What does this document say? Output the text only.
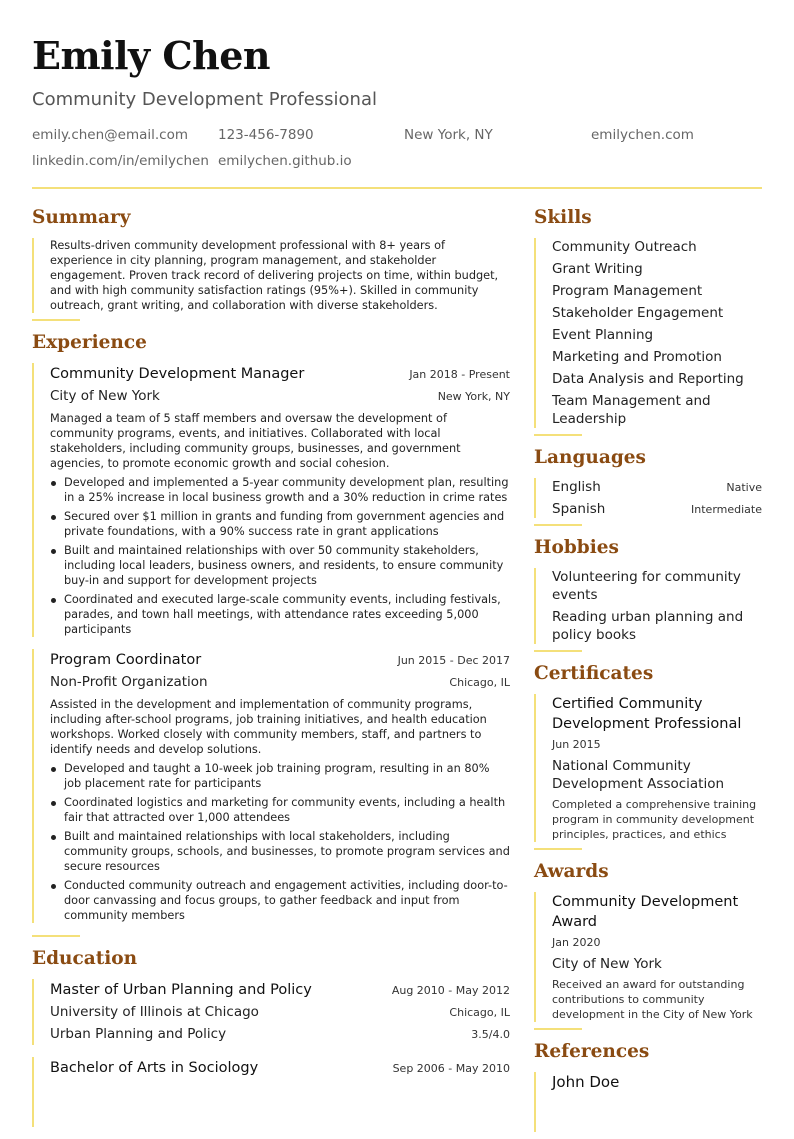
Emily Chen
Community Development Professional
emily.chen@email.com 123-456-7890	New York, NY	emilychen.com
linkedin.com/in/emilychen emilychen.github.io
Summary

Results-driven community development professional with 8+ years of experience in city planning, program management, and stakeholder engagement. Proven track record of delivering projects on time, within budget, and with high community satisfaction ratings (95%+). Skilled in community outreach, grant writing, and collaboration with diverse stakeholders.

Experience
Community Development Manager	Jan 2018 - Present
City of New York	New York, NY

Managed a team of 5 staff members and oversaw the development of community programs, events, and initiatives. Collaborated with local stakeholders, including community groups, businesses, and government agencies, to promote economic growth and social cohesion.

Developed and implemented a 5-year community development plan, resulting in a 25% increase in local business growth and a 30% reduction in crime rates
Secured over $1 million in grants and funding from government agencies and private foundations, with a 90% success rate in grant applications
Built and maintained relationships with over 50 community stakeholders, including local leaders, business owners, and residents, to ensure community buy-in and support for development projects
Coordinated and executed large-scale community events, including festivals, parades, and town hall meetings, with attendance rates exceeding 5,000 participants
Program Coordinator	Jun 2015 - Dec 2017
Non-Profit Organization	Chicago, IL

Assisted in the development and implementation of community programs, including after-school programs, job training initiatives, and health education workshops. Worked closely with community members, staff, and partners to identify needs and develop solutions.

Developed and taught a 10-week job training program, resulting in an 80% job placement rate for participants
Coordinated logistics and marketing for community events, including a health fair that attracted over 1,000 attendees
Built and maintained relationships with local stakeholders, including community groups, schools, and businesses, to promote program services and secure resources
Conducted community outreach and engagement activities, including door-to-door canvassing and focus groups, to gather feedback and input from community members
Education
Master of Urban Planning and Policy	Aug 2010 - May 2012
University of Illinois at Chicago	Chicago, IL
Urban Planning and Policy	3.5/4.0
Bachelor of Arts in Sociology	Sep 2006 - May 2010
Skills
Community Outreach
Grant Writing
Program Management
Stakeholder Engagement
Event Planning
Marketing and Promotion
Data Analysis and Reporting
Team Management and Leadership
Languages
English	Native
Spanish	Intermediate
Hobbies
Volunteering for community events
Reading urban planning and policy books
Certificates
Certified Community Development Professional
Jun 2015
National Community Development Association
Completed a comprehensive training program in community development principles, practices, and ethics
Awards
Community Development Award
Jan 2020
City of New York
Received an award for outstanding contributions to community development in the City of New York
References
John Doe
